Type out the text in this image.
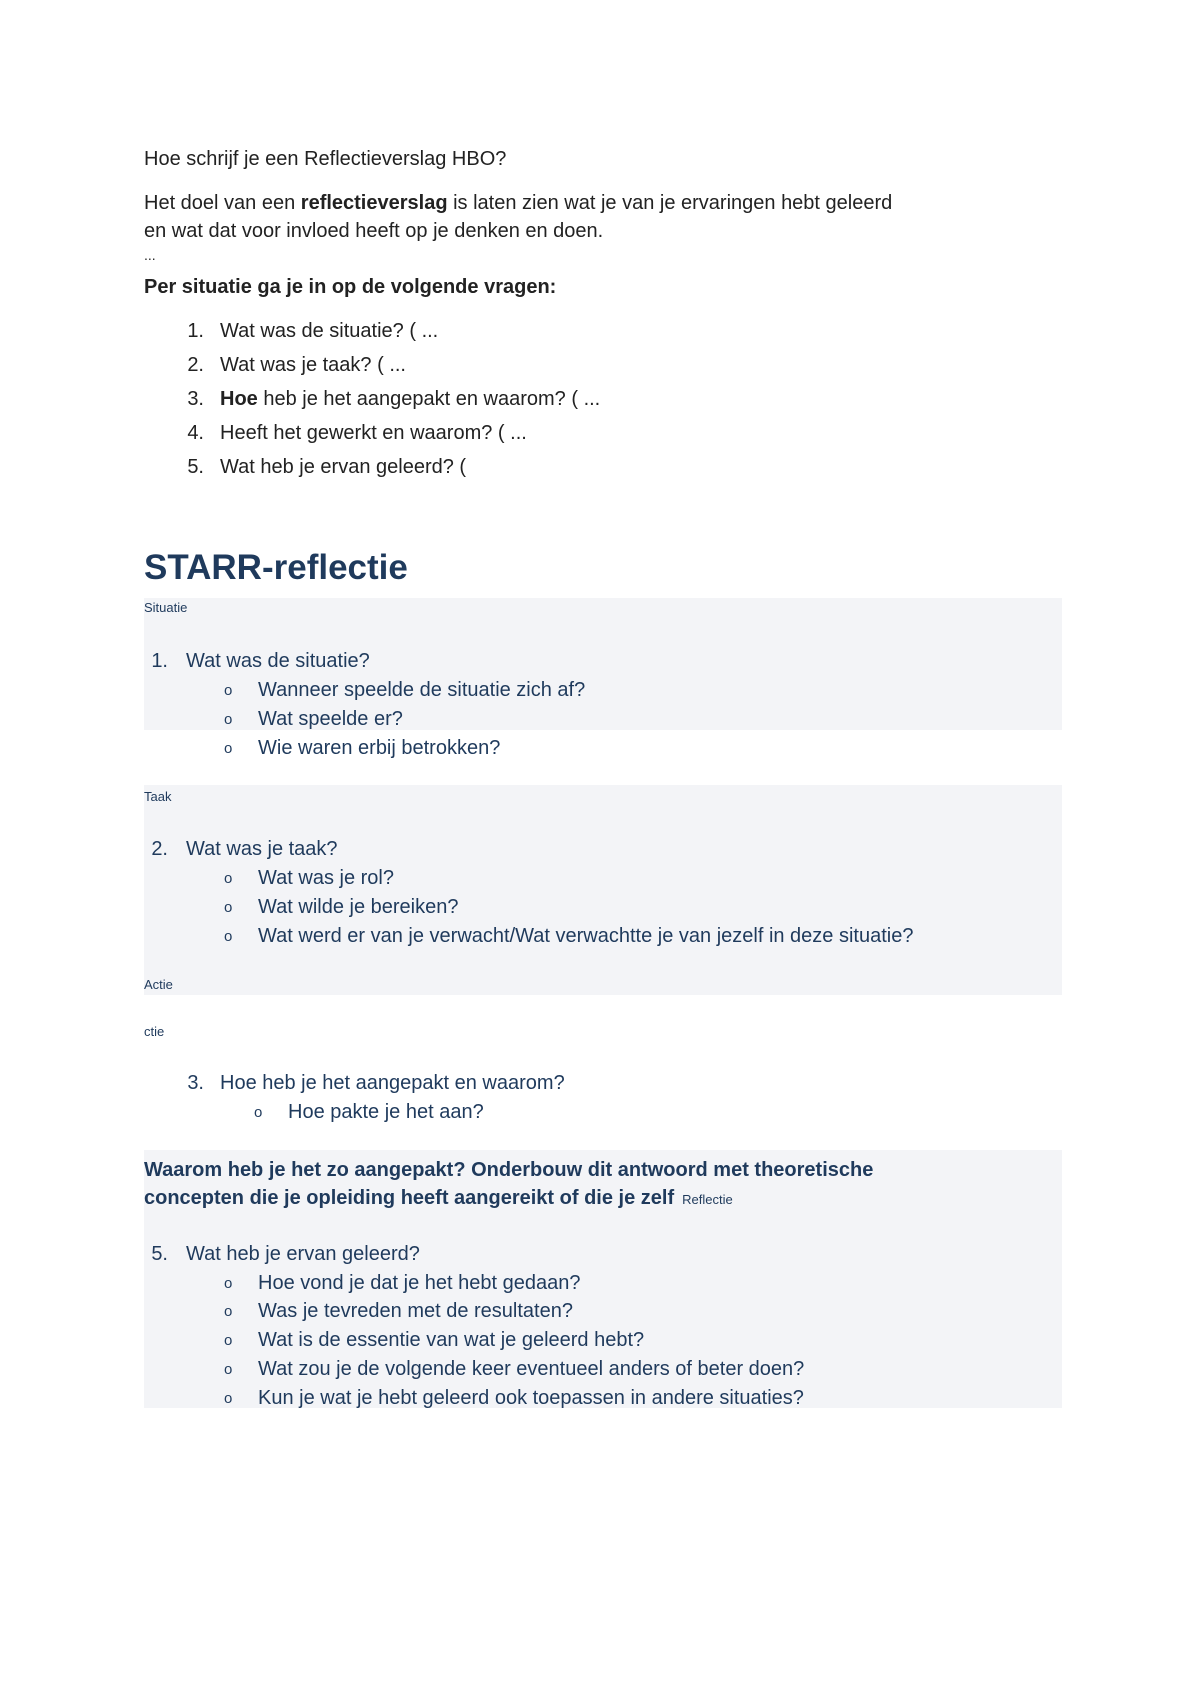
Hoe schrijf je een Reflectieverslag HBO?
Het doel van een reflectieverslag is laten zien wat je van je ervaringen hebt geleerd
en wat dat voor invloed heeft op je denken en doen.
...
Per situatie ga je in op de volgende vragen:
1. Wat was de situatie? ( ...
2. Wat was je taak? ( ...
3. Hoe heb je het aangepakt en waarom? ( ...
4. Heeft het gewerkt en waarom? ( ...
5. Wat heb je ervan geleerd? (
STARR-reflectie
Situatie
1. Wat was de situatie?
o Wanneer speelde de situatie zich af?
o Wat speelde er?
o Wie waren erbij betrokken?
Taak
2. Wat was je taak?
o Wat was je rol?
o Wat wilde je bereiken?
o Wat werd er van je verwacht/Wat verwachtte je van jezelf in deze situatie?
Actie
ctie
3. Hoe heb je het aangepakt en waarom?
o Hoe pakte je het aan?
Waarom heb je het zo aangepakt? Onderbouw dit antwoord met theoretische
concepten die je opleiding heeft aangereikt of die je zelf Reflectie
5. Wat heb je ervan geleerd?
o Hoe vond je dat je het hebt gedaan?
o Was je tevreden met de resultaten?
o Wat is de essentie van wat je geleerd hebt?
o Wat zou je de volgende keer eventueel anders of beter doen?
o Kun je wat je hebt geleerd ook toepassen in andere situaties?
